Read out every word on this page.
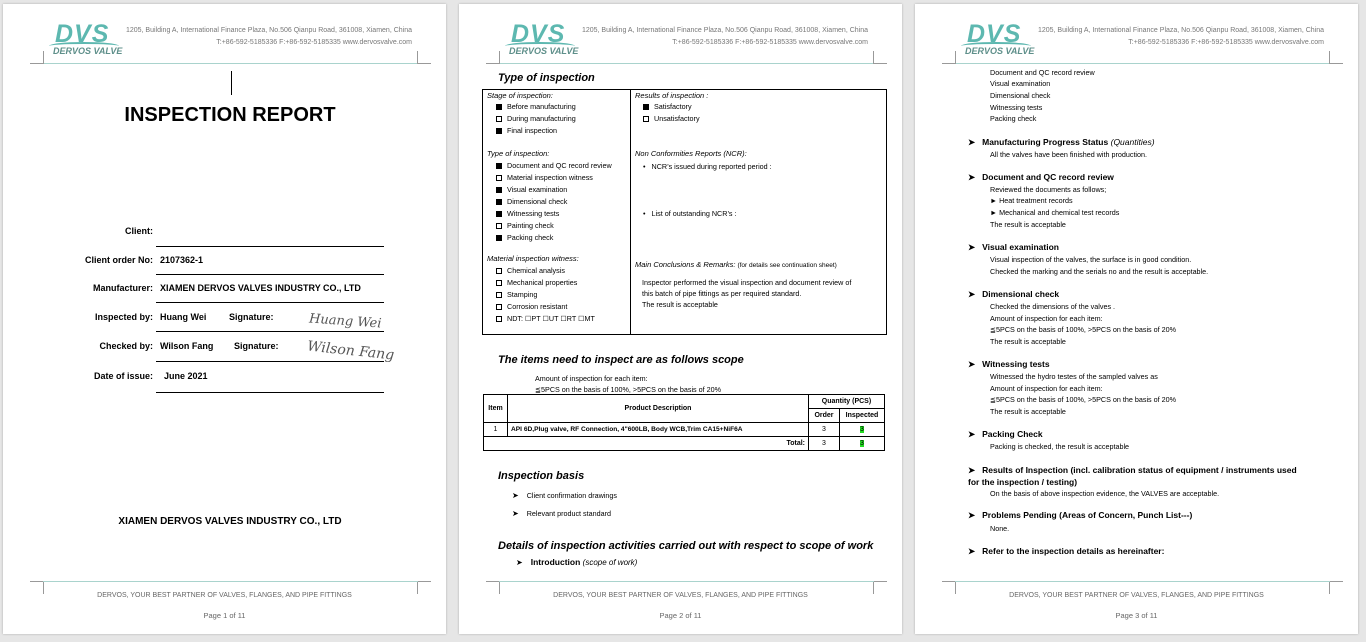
DVS
DERVOS VALVE
1205, Building A, International Finance Plaza, No.506 Qianpu Road, 361008, Xiamen, China
T:+86-592-5185336 F:+86-592-5185335 www.dervosvalve.com
INSPECTION REPORT
Client:
Client order No: 2107362-1
Manufacturer: XIAMEN DERVOS VALVES INDUSTRY CO., LTD
Inspected by: Huang Wei	Signature:	Huang Wei
Checked by: Wilson Fang Signature: Wilson Fang
Date of issue: June 2021
XIAMEN DERVOS VALVES INDUSTRY CO., LTD
DERVOS, YOUR BEST PARTNER OF VALVES, FLANGES, AND PIPE FITTINGS
Page 1 of 11
DVS
DERVOS VALVE
1205, Building A, International Finance Plaza, No.506 Qianpu Road, 361008, Xiamen, China
T:+86-592-5185336 F:+86-592-5185335 www.dervosvalve.com
Type of inspection
Stage of inspection:
Before manufacturing
During manufacturing
Final inspection
Type of inspection:
Document and QC record review
Material inspection witness
Visual examination
Dimensional check
Witnessing tests
Painting check
Packing check
Material inspection witness:
Chemical analysis
Mechanical properties
Stamping
Corrosion resistant
NDT: ☐PT ☐UT ☐RT ☐MT
Results of inspection :
Satisfactory
Unsatisfactory
Non Conformities Reports (NCR):
• NCR’s issued during reported period :
• List of outstanding NCR’s :
Main Conclusions & Remarks: (for details see continuation sheet)
Inspector performed the visual inspection and document review of
this batch of pipe fittings as per required standard.
The result is acceptable
The items need to inspect are as follows scope
Amount of inspection for each item:
≦5PCS on the basis of 100%, >5PCS on the basis of 20%
Item	Product Description	Quantity (PCS)	
		Order	Inspected
1	API 6D,Plug valve, RF Connection, 4"600LB, Body WCB,Trim CA15+NiF6A	3	3
Total:		3	3
Inspection basis
➤ Client confirmation drawings
➤ Relevant product standard
Details of inspection activities carried out with respect to scope of work
➤ Introduction (scope of work)
DERVOS, YOUR BEST PARTNER OF VALVES, FLANGES, AND PIPE FITTINGS
Page 2 of 11
DVS
DERVOS VALVE
1205, Building A, International Finance Plaza, No.506 Qianpu Road, 361008, Xiamen, China
T:+86-592-5185336 F:+86-592-5185335 www.dervosvalve.com
Document and QC record review
Visual examination
Dimensional check
Witnessing tests
Packing check
➤ Manufacturing Progress Status (Quantities)
All the valves have been finished with production.
➤ Document and QC record review
Reviewed the documents as follows;
► Heat treatment records
► Mechanical and chemical test records
The result is acceptable
➤ Visual examination
Visual inspection of the valves, the surface is in good condition.
Checked the marking and the serials no and the result is acceptable.
➤ Dimensional check
Checked the dimensions of the valves .
Amount of inspection for each item:
≦5PCS on the basis of 100%, >5PCS on the basis of 20%
The result is acceptable
➤ Witnessing tests
Witnessed the hydro testes of the sampled valves as
Amount of inspection for each item:
≦5PCS on the basis of 100%, >5PCS on the basis of 20%
The result is acceptable
➤ Packing Check
Packing is checked, the result is acceptable
➤ Results of Inspection (incl. calibration status of equipment / instruments used
for the inspection / testing)
On the basis of above inspection evidence, the VALVES are acceptable.
➤ Problems Pending (Areas of Concern, Punch List---)
None.
➤ Refer to the inspection details as hereinafter:
DERVOS, YOUR BEST PARTNER OF VALVES, FLANGES, AND PIPE FITTINGS
Page 3 of 11
